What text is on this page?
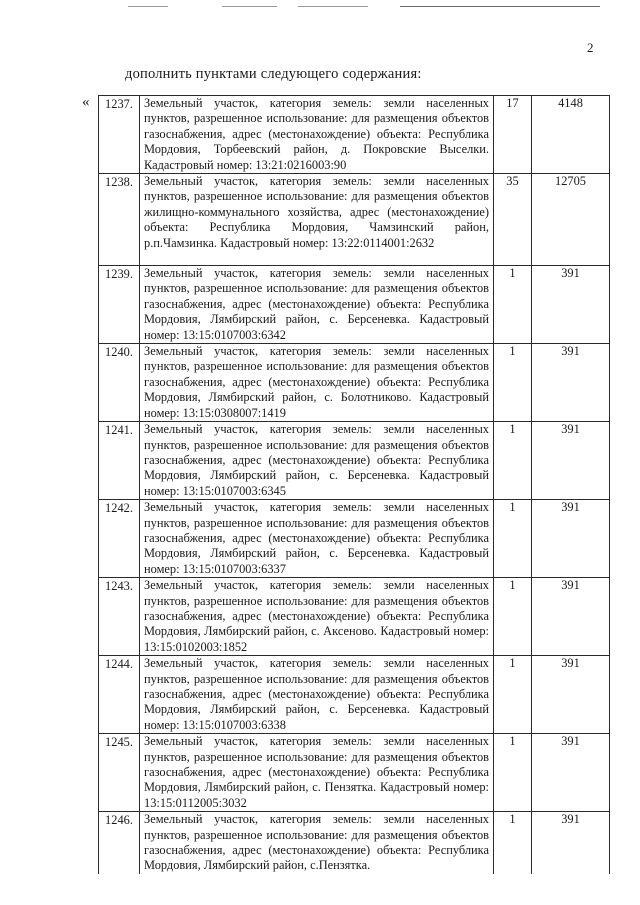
2
дополнить пунктами следующего содержания:
« 1237.	Земельный участок, категория земель: земли населенных пунктов, разрешенное использование: для размещения объектов газоснабжения, адрес (местонахождение) объекта: Республика Мордовия, Торбеевский район, д. Покровские Выселки. Кадастровый номер: 13:21:0216003:90	17	4148
1238.	Земельный участок, категория земель: земли населенных пунктов, разрешенное использование: для размещения объектов жилищно-коммунального хозяйства, адрес (местонахождение) объекта: Республика Мордовия, Чамзинский район, р.п.Чамзинка. Кадастровый номер: 13:22:0114001:2632	35	12705
1239.	Земельный участок, категория земель: земли населенных пунктов, разрешенное использование: для размещения объектов газоснабжения, адрес (местонахождение) объекта: Республика Мордовия, Лямбирский район, с. Берсеневка. Кадастровый номер: 13:15:0107003:6342	1	391
1240.	Земельный участок, категория земель: земли населенных пунктов, разрешенное использование: для размещения объектов газоснабжения, адрес (местонахождение) объекта: Республика Мордовия, Лямбирский район, с. Болотниково. Кадастровый номер: 13:15:0308007:1419	1	391
1241.	Земельный участок, категория земель: земли населенных пунктов, разрешенное использование: для размещения объектов газоснабжения, адрес (местонахождение) объекта: Республика Мордовия, Лямбирский район, с. Берсеневка. Кадастровый номер: 13:15:0107003:6345	1	391
1242.	Земельный участок, категория земель: земли населенных пунктов, разрешенное использование: для размещения объектов газоснабжения, адрес (местонахождение) объекта: Республика Мордовия, Лямбирский район, с. Берсеневка. Кадастровый номер: 13:15:0107003:6337	1	391
1243.	Земельный участок, категория земель: земли населенных пунктов, разрешенное использование: для размещения объектов газоснабжения, адрес (местонахождение) объекта: Республика Мордовия, Лямбирский район, с. Аксеново. Кадастровый номер: 13:15:0102003:1852	1	391
1244.	Земельный участок, категория земель: земли населенных пунктов, разрешенное использование: для размещения объектов газоснабжения, адрес (местонахождение) объекта: Республика Мордовия, Лямбирский район, с. Берсеневка. Кадастровый номер: 13:15:0107003:6338	1	391
1245.	Земельный участок, категория земель: земли населенных пунктов, разрешенное использование: для размещения объектов газоснабжения, адрес (местонахождение) объекта: Республика Мордовия, Лямбирский район, с. Пензятка. Кадастровый номер: 13:15:0112005:3032	1	391
1246.	Земельный участок, категория земель: земли населенных пунктов, разрешенное использование: для размещения объектов газоснабжения, адрес (местонахождение) объекта: Республика Мордовия, Лямбирский район, с.Пензятка.	1	391
